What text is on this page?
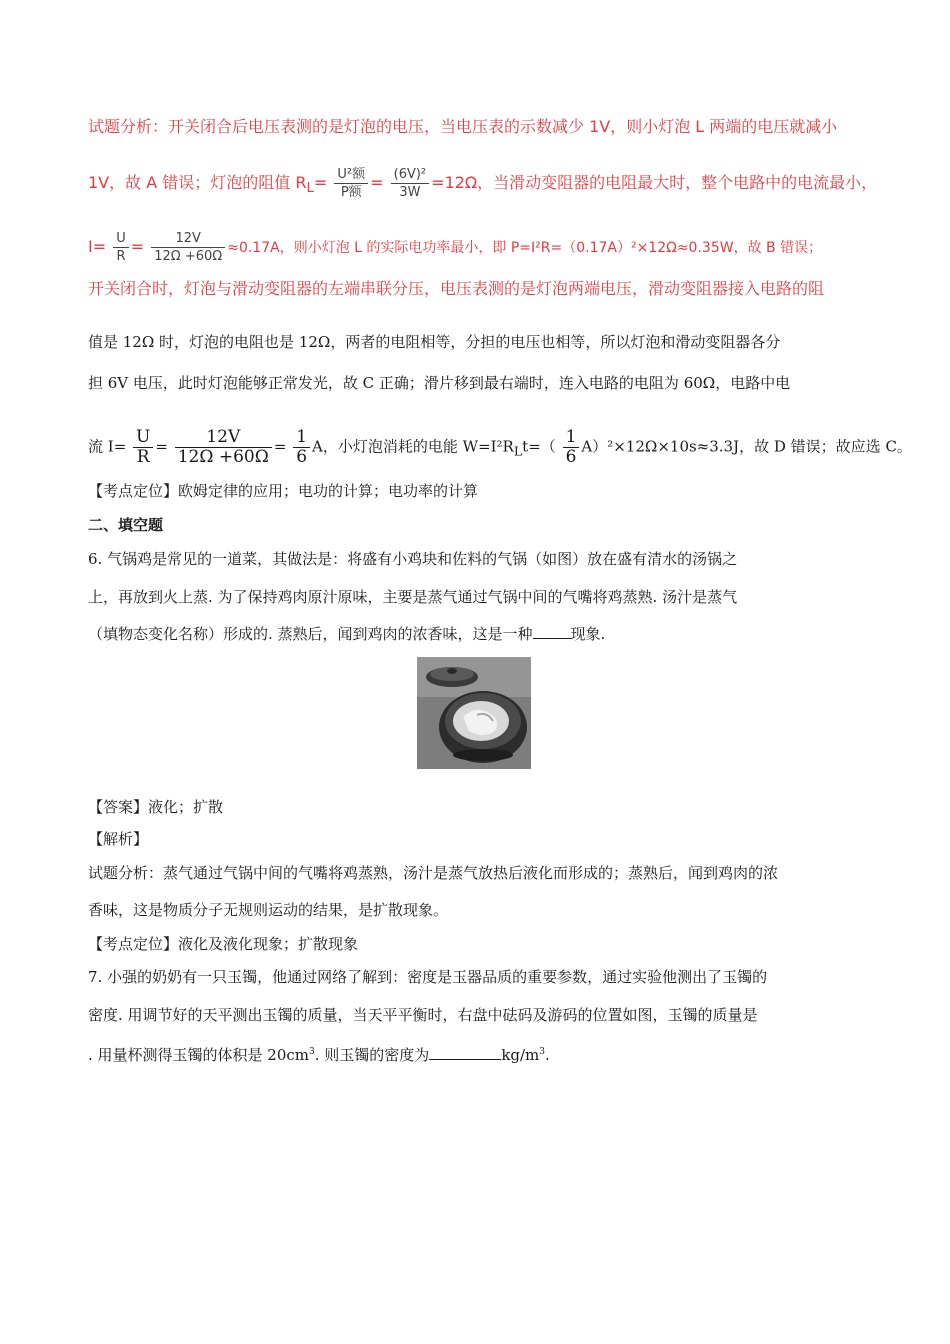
试题分析：开关闭合后电压表测的是灯泡的电压，当电压表的示数减少 1V，则小灯泡 L 两端的电压就减小
1V，故 A 错误；灯泡的阻值 $R_L= \frac{\text{U²额}}{\text{P额}} = \frac{\text{(6V)²}}{3W} =12\Omega$，当滑动变阻器的电阻最大时，整个电路中的电流最小，
$I= \frac{U}{R} = \frac{12V}{12\Omega +60\Omega} \approx 0.17A$，则小灯泡 L 的实际电功率最小，即 P=I²R=（0.17A）²×12Ω≈0.35W，故 B 错误；
开关闭合时，灯泡与滑动变阻器的左端串联分压，电压表测的是灯泡两端电压，滑动变阻器接入电路的阻
值是 12Ω 时，灯泡的电阻也是 12Ω，两者的电阻相等，分担的电压也相等，所以灯泡和滑动变阻器各分
担 6V 电压，此时灯泡能够正常发光，故 C 正确；滑片移到最右端时，连入电路的电阻为 60Ω，电路中电
流 $I= \frac{U}{R} = \frac{12V}{12\Omega +60\Omega} = \frac{1}{6}$ A，小灯泡消耗的电能 $W=I^2R_Lt=( \frac{1}{6} A)^2\times 12\Omega\times 10s\approx 3.3J$，故 D 错误；故应选 C。
【考点定位】欧姆定律的应用；电功的计算；电功率的计算
二、填空题
6. 气锅鸡是常见的一道菜，其做法是：将盛有小鸡块和佐料的气锅（如图）放在盛有清水的汤锅之
上，再放到火上蒸. 为了保持鸡肉原汁原味，主要是蒸气通过气锅中间的气嘴将鸡蒸熟. 汤汁是蒸气
（填物态变化名称）形成的. 蒸熟后，闻到鸡肉的浓香味，这是一种	现象.
【答案】液化；扩散
【解析】
试题分析：蒸气通过气锅中间的气嘴将鸡蒸熟，汤汁是蒸气放热后液化而形成的；蒸熟后，闻到鸡肉的浓
香味，这是物质分子无规则运动的结果，是扩散现象。
【考点定位】液化及液化现象；扩散现象
7. 小强的奶奶有一只玉镯，他通过网络了解到：密度是玉器品质的重要参数，通过实验他测出了玉镯的
密度. 用调节好的天平测出玉镯的质量，当天平平衡时，右盘中砝码及游码的位置如图，玉镯的质量是
. 用量杯测得玉镯的体积是 $20cm^3$. 则玉镯的密度为	$kg/m^3$.
